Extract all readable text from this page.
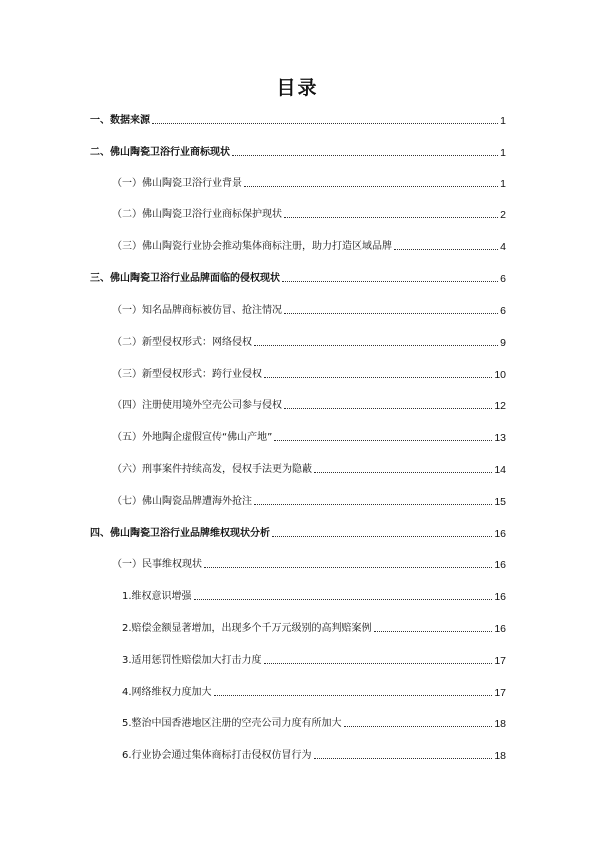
目录
一、数据来源	1
二、佛山陶瓷卫浴行业商标现状	1
（一）佛山陶瓷卫浴行业背景	1
（二）佛山陶瓷卫浴行业商标保护现状	2
（三）佛山陶瓷行业协会推动集体商标注册，助力打造区域品牌	4
三、佛山陶瓷卫浴行业品牌面临的侵权现状	6
（一）知名品牌商标被仿冒、抢注情况	6
（二）新型侵权形式：网络侵权	9
（三）新型侵权形式：跨行业侵权	10
（四）注册使用境外空壳公司参与侵权	12
（五）外地陶企虚假宣传“佛山产地”	13
（六）刑事案件持续高发，侵权手法更为隐蔽	14
（七）佛山陶瓷品牌遭海外抢注	15
四、佛山陶瓷卫浴行业品牌维权现状分析	16
（一）民事维权现状	16
1.维权意识增强	16
2.赔偿金额显著增加，出现多个千万元级别的高判赔案例	16
3.适用惩罚性赔偿加大打击力度	17
4.网络维权力度加大	17
5.整治中国香港地区注册的空壳公司力度有所加大	18
6.行业协会通过集体商标打击侵权仿冒行为	18
